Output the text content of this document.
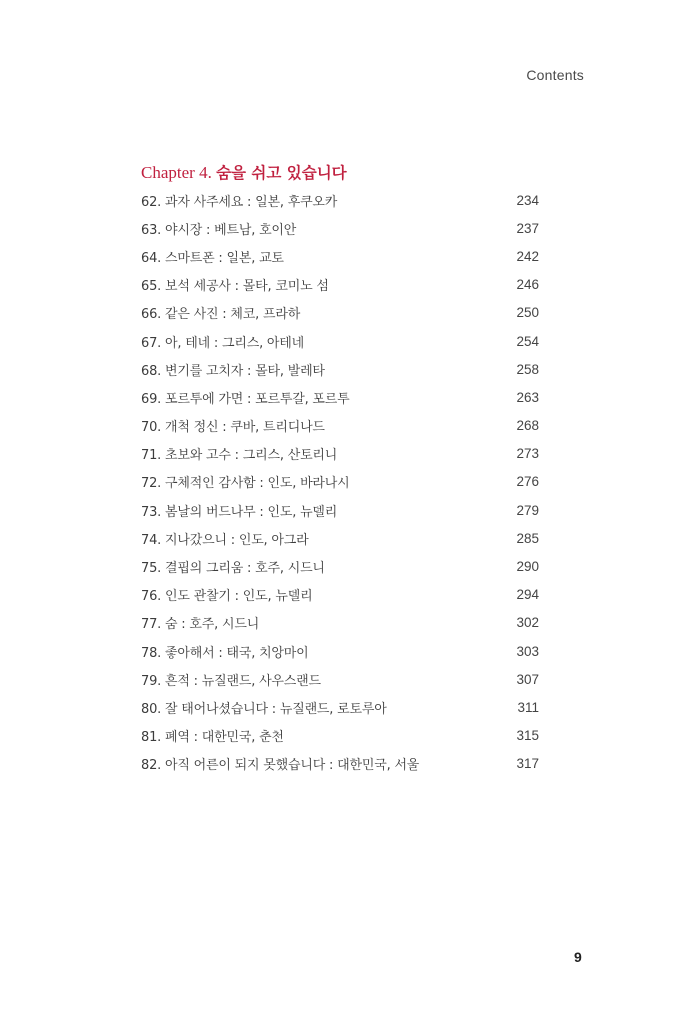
Contents
Chapter 4. 숨을 쉬고 있습니다
62. 과자 사주세요 : 일본, 후쿠오카	234
63. 야시장 : 베트남, 호이안	237
64. 스마트폰 : 일본, 교토	242
65. 보석 세공사 : 몰타, 코미노 섬	246
66. 같은 사진 : 체코, 프라하	250
67. 아, 테네 : 그리스, 아테네	254
68. 변기를 고치자 : 몰타, 발레타	258
69. 포르투에 가면 : 포르투갈, 포르투	263
70. 개척 정신 : 쿠바, 트리디나드	268
71. 초보와 고수 : 그리스, 산토리니	273
72. 구체적인 감사함 : 인도, 바라나시	276
73. 봄날의 버드나무 : 인도, 뉴델리	279
74. 지나갔으니 : 인도, 아그라	285
75. 결핍의 그리움 : 호주, 시드니	290
76. 인도 관찰기 : 인도, 뉴델리	294
77. 숨 : 호주, 시드니	302
78. 좋아해서 : 태국, 치앙마이	303
79. 흔적 : 뉴질랜드, 사우스랜드	307
80. 잘 태어나셨습니다 : 뉴질랜드, 로토루아	311
81. 폐역 : 대한민국, 춘천	315
82. 아직 어른이 되지 못했습니다 : 대한민국, 서울	317
9
